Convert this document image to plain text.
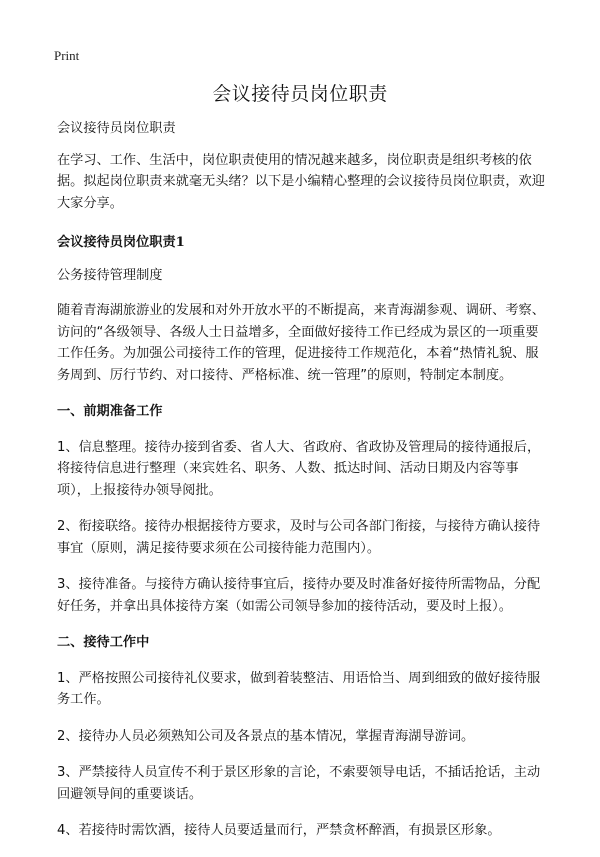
Print
会议接待员岗位职责

会议接待员岗位职责

在学习、工作、生活中，岗位职责使用的情况越来越多，岗位职责是组织考核的依据。拟起岗位职责来就毫无头绪？以下是小编精心整理的会议接待员岗位职责，欢迎大家分享。

会议接待员岗位职责1

公务接待管理制度

随着青海湖旅游业的发展和对外开放水平的不断提高，来青海湖参观、调研、考察、访问的“各级领导、各级人士日益增多，全面做好接待工作已经成为景区的一项重要工作任务。为加强公司接待工作的管理，促进接待工作规范化，本着“热情礼貌、服务周到、厉行节约、对口接待、严格标准、统一管理”的原则，特制定本制度。

一、前期准备工作

1、信息整理。接待办接到省委、省人大、省政府、省政协及管理局的接待通报后，将接待信息进行整理（来宾姓名、职务、人数、抵达时间、活动日期及内容等事项），上报接待办领导阅批。

2、衔接联络。接待办根据接待方要求，及时与公司各部门衔接，与接待方确认接待事宜（原则，满足接待要求须在公司接待能力范围内）。

3、接待准备。与接待方确认接待事宜后，接待办要及时准备好接待所需物品，分配好任务，并拿出具体接待方案（如需公司领导参加的接待活动，要及时上报）。

二、接待工作中

1、严格按照公司接待礼仪要求，做到着装整洁、用语恰当、周到细致的做好接待服务工作。

2、接待办人员必须熟知公司及各景点的基本情况，掌握青海湖导游词。

3、严禁接待人员宣传不利于景区形象的言论，不索要领导电话，不插话抢话，主动回避领导间的重要谈话。

4、若接待时需饮酒，接待人员要适量而行，严禁贪杯醉酒，有损景区形象。
